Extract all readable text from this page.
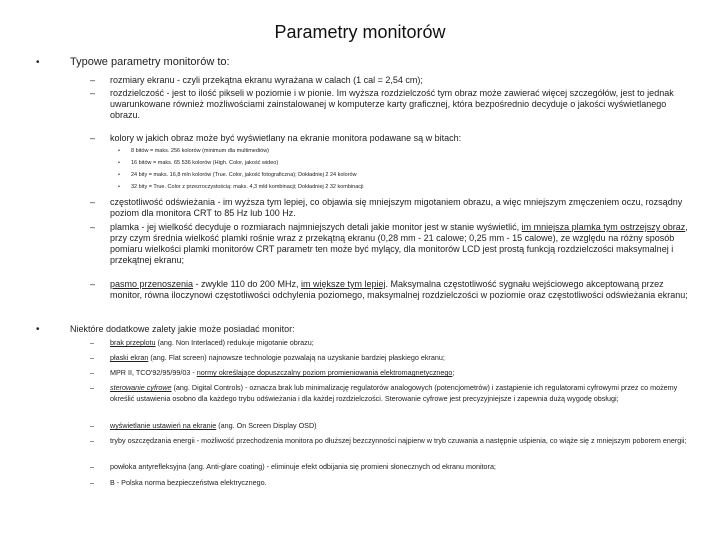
Parametry monitorów
•	Typowe parametry monitorów to:
– rozmiary ekranu - czyli przekątna ekranu wyrażana w calach (1 cal = 2,54 cm);
– rozdzielczość - jest to ilość pikseli w poziomie i w pionie. Im wyższa rozdzielczość tym obraz może zawierać więcej szczegółów, jest to jednak uwarunkowane również możliwościami zainstalowanej w komputerze karty graficznej, która bezpośrednio decyduje o jakości wyświetlanego obrazu.
– kolory w jakich obraz może być wyświetlany na ekranie monitora podawane są w bitach:
• 8 bitów = maks. 256 kolorów (minimum dla multimediów)
• 16 bitów = maks. 65 536 kolorów (High. Color, jakość wideo)
• 24 bity = maks. 16,8 mln kolorów (True. Color, jakość fotograficzna); Dokładniej 2 24 kolorów
• 32 bity = True. Color z przezroczystością: maks. 4,3 mld kombinacji; Dokładniej 2 32 kombinacji
– częstotliwość odświeżania - im wyższa tym lepiej, co objawia się mniejszym migotaniem obrazu, a więc mniejszym zmęczeniem oczu, rozsądny poziom dla monitora CRT to 85 Hz lub 100 Hz.
– plamka - jej wielkość decyduje o rozmiarach najmniejszych detali jakie monitor jest w stanie wyświetlić, im mniejsza plamka tym ostrzejszy obraz, przy czym średnia wielkość plamki rośnie wraz z przekątną ekranu (0,28 mm - 21 calowe; 0,25 mm - 15 calowe), ze względu na różny sposób pomiaru wielkości plamki monitorów CRT parametr ten może być mylący, dla monitorów LCD jest prostą funkcją rozdzielczości maksymalnej i przekątnej ekranu;
– pasmo przenoszenia - zwykle 110 do 200 MHz, im większe tym lepiej. Maksymalna częstotliwość sygnału wejściowego akceptowaną przez monitor, równa iloczynowi częstotliwości odchylenia poziomego, maksymalnej rozdzielczości w poziomie oraz częstotliwości odświeżania ekranu;
•	Niektóre dodatkowe zalety jakie może posiadać monitor:
– brak przeplotu (ang. Non Interlaced) redukuje migotanie obrazu;
– płaski ekran (ang. Flat screen) najnowsze technologie pozwalają na uzyskanie bardziej płaskiego ekranu;
– MPR II, TCO'92/95/99/03 - normy określające dopuszczalny poziom promieniowania elektromagnetycznego;
– sterowanie cyfrowe (ang. Digital Controls) - oznacza brak lub minimalizację regulatorów analogowych (potencjometrów) i zastąpienie ich regulatorami cyfrowymi przez co możemy określić ustawienia osobno dla każdego trybu odświeżania i dla każdej rozdzielczości. Sterowanie cyfrowe jest precyzyjniejsze i zapewnia dużą wygodę obsługi;
– wyświetlanie ustawień na ekranie (ang. On Screen Display OSD)
– tryby oszczędzania energii - możliwość przechodzenia monitora po dłuższej bezczynności najpierw w tryb czuwania a następnie uśpienia, co wiąże się z mniejszym poborem energii;
– powłoka antyrefleksyjna (ang. Anti-glare coating) - eliminuje efekt odbijania się promieni słonecznych od ekranu monitora;
– B - Polska norma bezpieczeństwa elektrycznego.
